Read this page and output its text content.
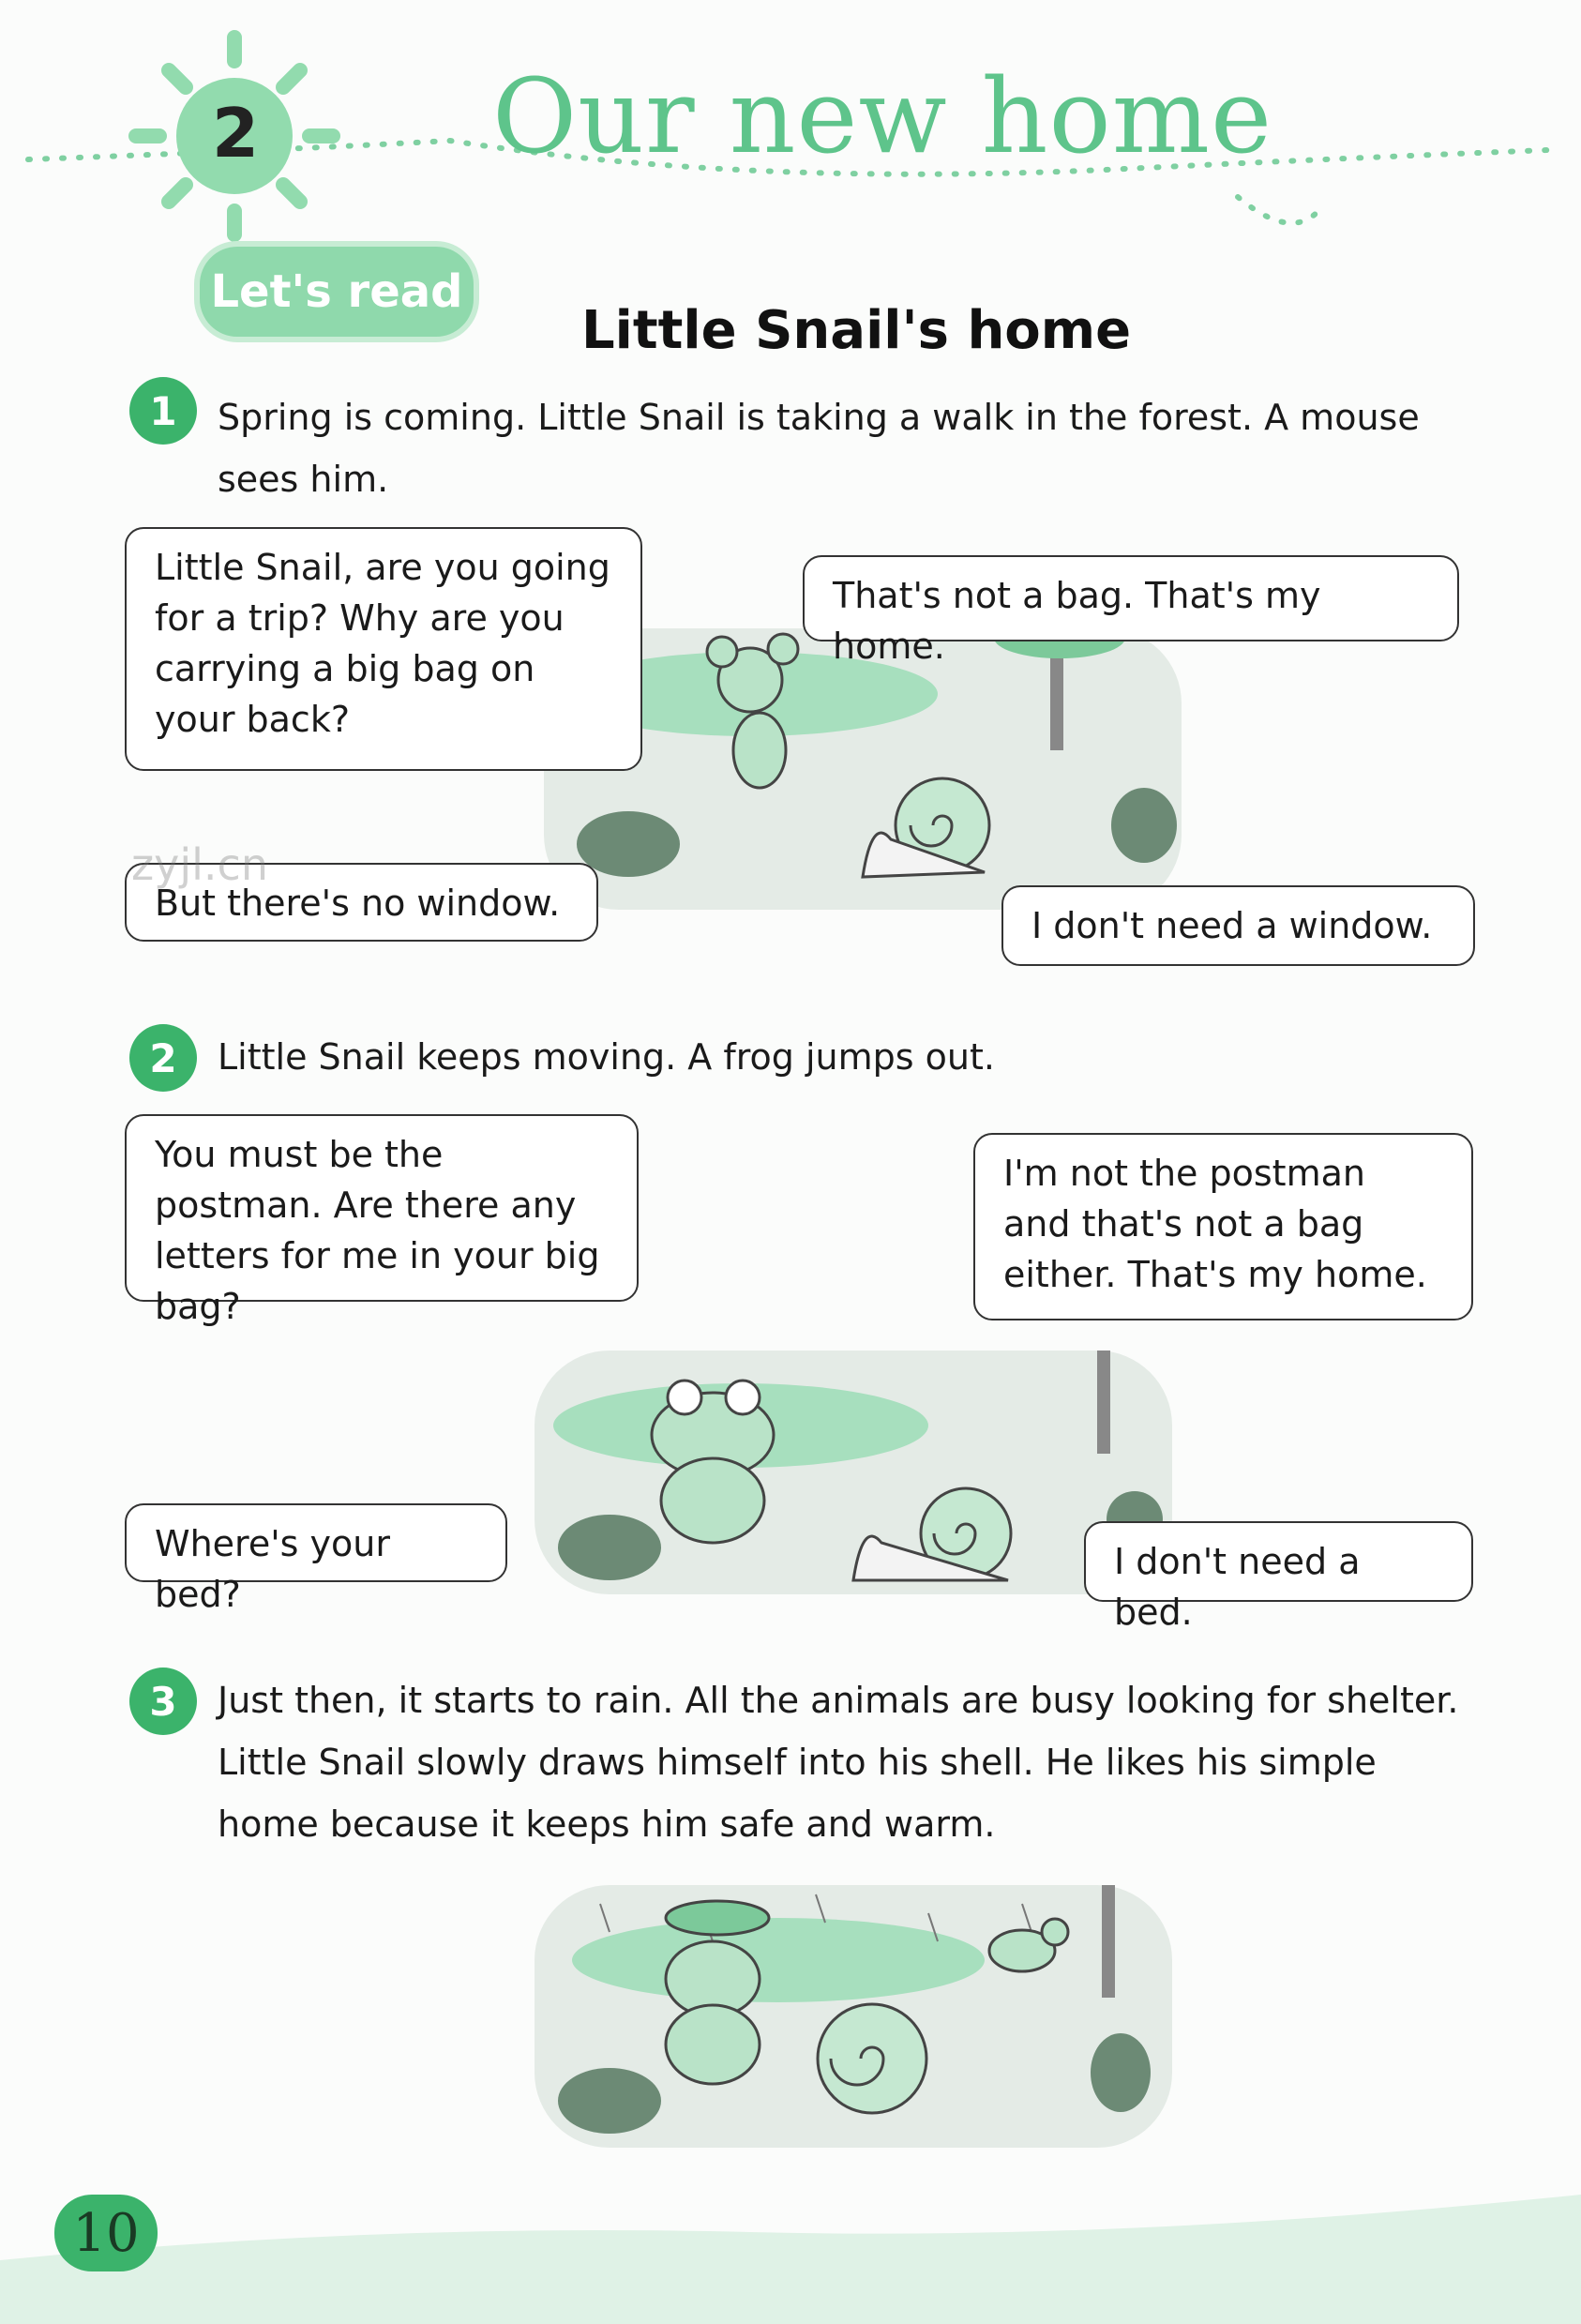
2 Our new home
Let's read
Little Snail's home
1	Spring is coming. Little Snail is taking a walk in the forest. A mouse sees him.
Little Snail, are you going for a trip? Why are you carrying a big bag on your back?
That's not a bag. That's my home.
But there's no window.
I don't need a window.
zyjl.cn
2	Little Snail keeps moving. A frog jumps out.
You must be the postman. Are there any letters for me in your big bag?
I'm not the postman and that's not a bag either. That's my home.
Where's your bed?
I don't need a bed.
3	Just then, it starts to rain. All the animals are busy looking for shelter. Little Snail slowly draws himself into his shell. He likes his simple home because it keeps him safe and warm.
10
